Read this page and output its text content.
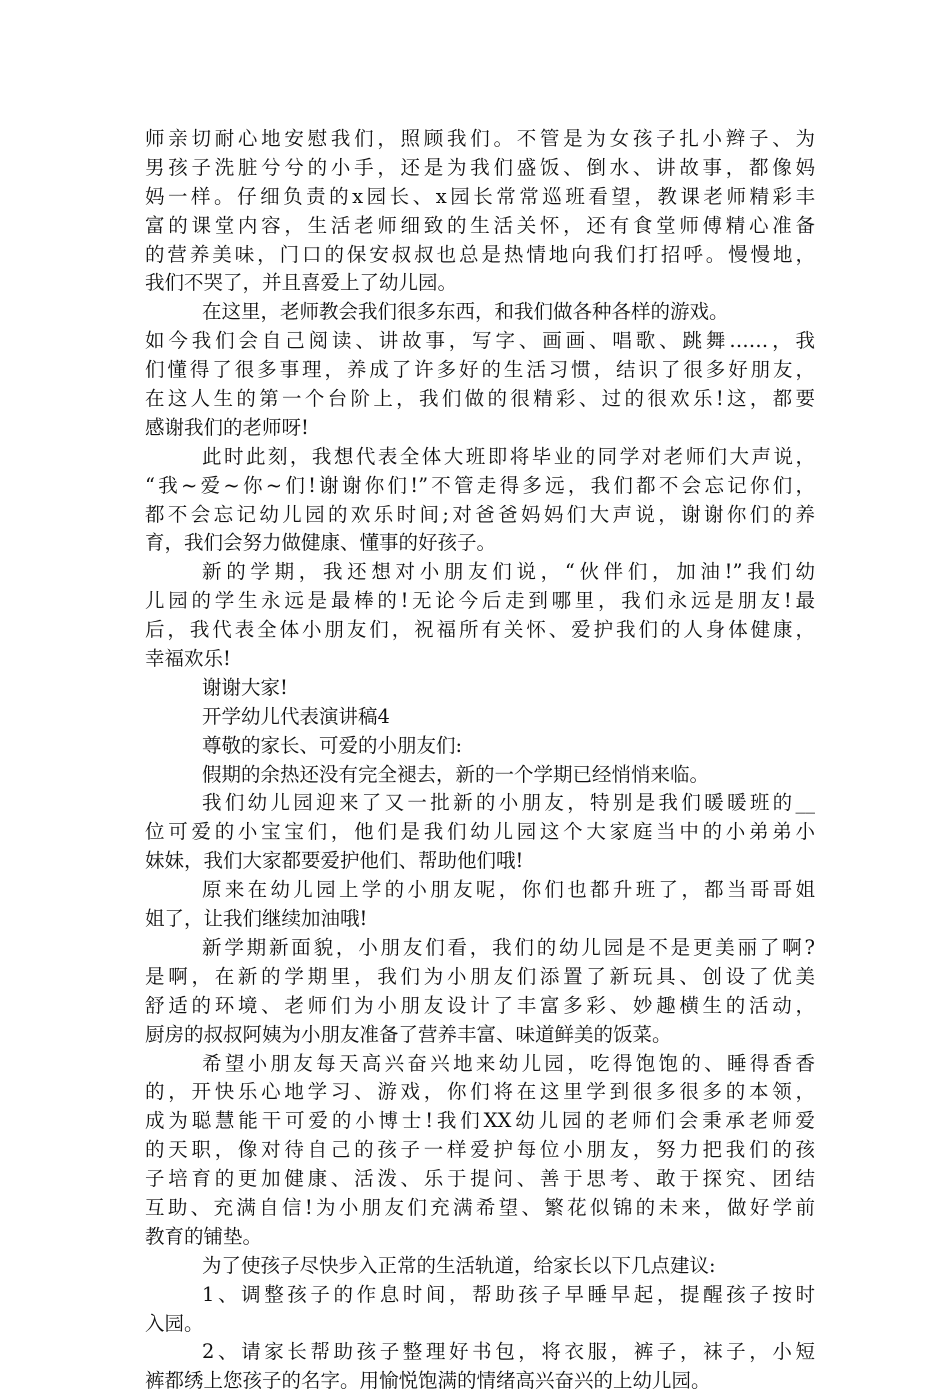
师亲切耐心地安慰我们，照顾我们。不管是为女孩子扎小辫子、为
男孩子洗脏兮兮的小手，还是为我们盛饭、倒水、讲故事，都像妈
妈一样。仔细负责的x园长、x园长常常巡班看望，教课老师精彩丰
富的课堂内容，生活老师细致的生活关怀，还有食堂师傅精心准备
的营养美味，门口的保安叔叔也总是热情地向我们打招呼。慢慢地，
我们不哭了，并且喜爱上了幼儿园。
在这里，老师教会我们很多东西，和我们做各种各样的游戏。
如今我们会自己阅读、讲故事，写字、画画、唱歌、跳舞……，我
们懂得了很多事理，养成了许多好的生活习惯，结识了很多好朋友，
在这人生的第一个台阶上，我们做的很精彩、过的很欢乐!这，都要
感谢我们的老师呀!
此时此刻，我想代表全体大班即将毕业的同学对老师们大声说，
“我~爱~你~们!谢谢你们!”不管走得多远，我们都不会忘记你们，
都不会忘记幼儿园的欢乐时间;对爸爸妈妈们大声说，谢谢你们的养
育，我们会努力做健康、懂事的好孩子。
新的学期，我还想对小朋友们说，“伙伴们，加油!”我们幼
儿园的学生永远是最棒的!无论今后走到哪里，我们永远是朋友!最
后，我代表全体小朋友们，祝福所有关怀、爱护我们的人身体健康，
幸福欢乐!
谢谢大家!
开学幼儿代表演讲稿4
尊敬的家长、可爱的小朋友们:
假期的余热还没有完全褪去，新的一个学期已经悄悄来临。
我们幼儿园迎来了又一批新的小朋友，特别是我们暖暖班的__
位可爱的小宝宝们，他们是我们幼儿园这个大家庭当中的小弟弟小
妹妹，我们大家都要爱护他们、帮助他们哦!
原来在幼儿园上学的小朋友呢，你们也都升班了，都当哥哥姐
姐了，让我们继续加油哦!
新学期新面貌，小朋友们看，我们的幼儿园是不是更美丽了啊?
是啊，在新的学期里，我们为小朋友们添置了新玩具、创设了优美
舒适的环境、老师们为小朋友设计了丰富多彩、妙趣横生的活动，
厨房的叔叔阿姨为小朋友准备了营养丰富、味道鲜美的饭菜。
希望小朋友每天高兴奋兴地来幼儿园，吃得饱饱的、睡得香香
的，开快乐心地学习、游戏，你们将在这里学到很多很多的本领，
成为聪慧能干可爱的小博士!我们XX幼儿园的老师们会秉承老师爱
的天职，像对待自己的孩子一样爱护每位小朋友，努力把我们的孩
子培育的更加健康、活泼、乐于提问、善于思考、敢于探究、团结
互助、充满自信!为小朋友们充满希望、繁花似锦的未来，做好学前
教育的铺垫。
为了使孩子尽快步入正常的生活轨道，给家长以下几点建议:
1、调整孩子的作息时间，帮助孩子早睡早起，提醒孩子按时
入园。
2、请家长帮助孩子整理好书包，将衣服，裤子，袜子，小短
裤都绣上您孩子的名字。用愉悦饱满的情绪高兴奋兴的上幼儿园。
